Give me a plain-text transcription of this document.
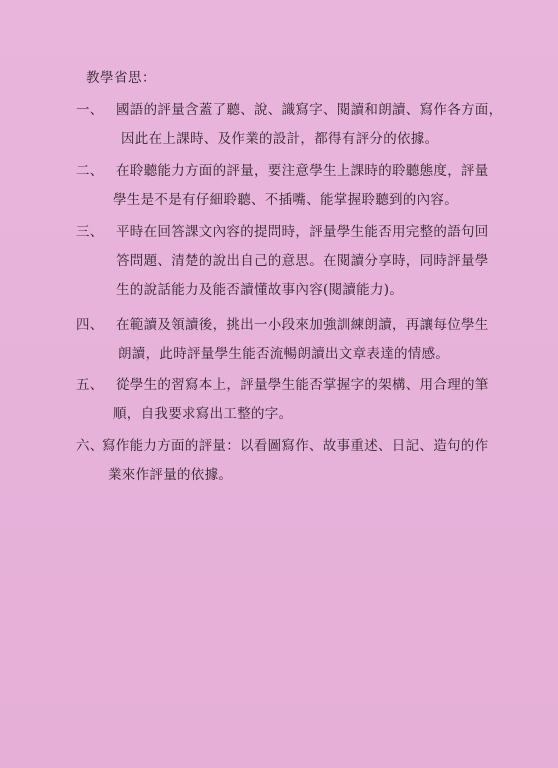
教學省思：
一、 國語的評量含蓋了聽、說、識寫字、閱讀和朗讀、寫作各方面，
因此在上課時、及作業的設計，都得有評分的依據。
二、 在聆聽能力方面的評量，要注意學生上課時的聆聽態度，評量
學生是不是有仔細聆聽、不插嘴、能掌握聆聽到的內容。
三、 平時在回答課文內容的提問時，評量學生能否用完整的語句回
答問題、清楚的說出自己的意思。在閱讀分享時，同時評量學
生的說話能力及能否讀懂故事內容(閱讀能力)。
四、 在範讀及領讀後，挑出一小段來加強訓練朗讀，再讓每位學生
朗讀，此時評量學生能否流暢朗讀出文章表達的情感。
五、 從學生的習寫本上，評量學生能否掌握字的架構、用合理的筆
順，自我要求寫出工整的字。
六、
寫作能力方面的評量：以看圖寫作、故事重述、日記、造句的作
業來作評量的依據。
